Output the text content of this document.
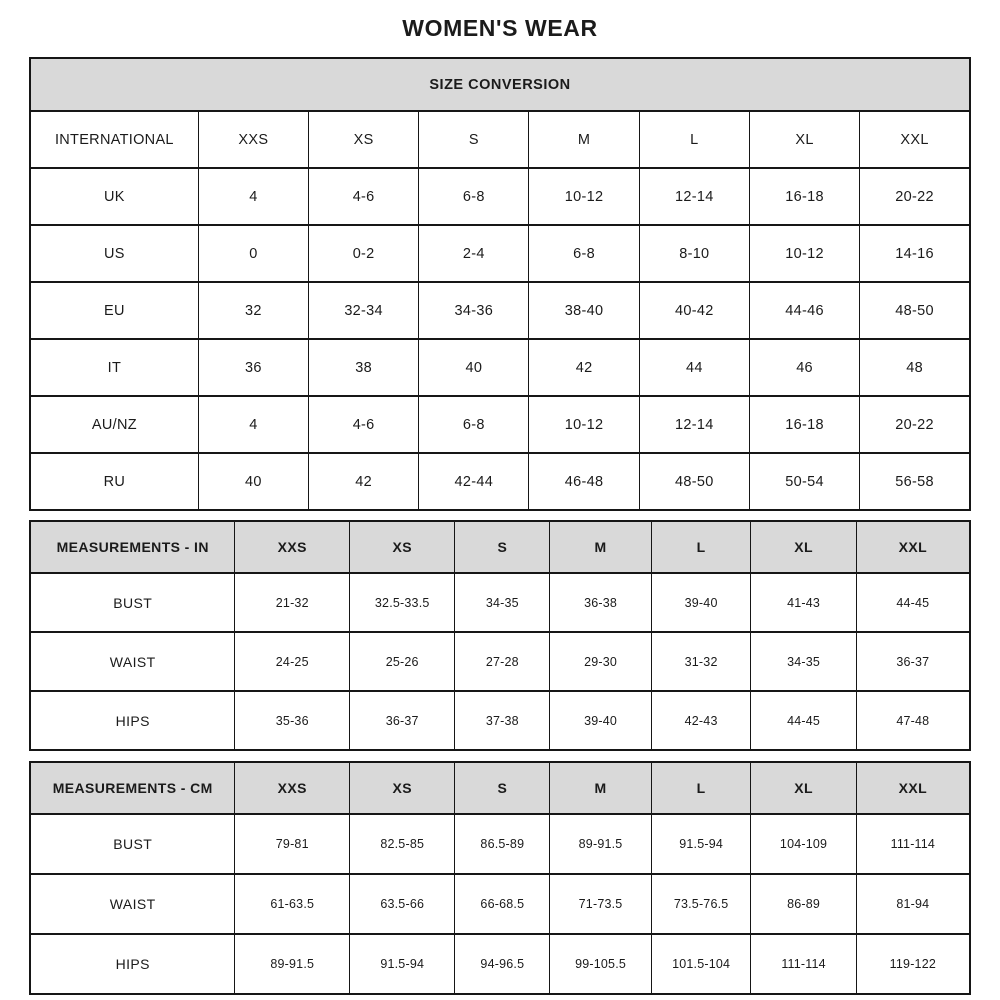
WOMEN'S WEAR
SIZE CONVERSION							
INTERNATIONAL	XXS	XS	S	M	L	XL	XXL
UK	4	4-6	6-8	10-12	12-14	16-18	20-22
US	0	0-2	2-4	6-8	8-10	10-12	14-16
EU	32	32-34	34-36	38-40	40-42	44-46	48-50
IT	36	38	40	42	44	46	48
AU/NZ	4	4-6	6-8	10-12	12-14	16-18	20-22
RU	40	42	42-44	46-48	48-50	50-54	56-58
MEASUREMENTS - IN	XXS	XS	S	M	L	XL	XXL
BUST	21-32	32.5-33.5	34-35	36-38	39-40	41-43	44-45
WAIST	24-25	25-26	27-28	29-30	31-32	34-35	36-37
HIPS	35-36	36-37	37-38	39-40	42-43	44-45	47-48
MEASUREMENTS - CM	XXS	XS	S	M	L	XL	XXL
BUST	79-81	82.5-85	86.5-89	89-91.5	91.5-94	104-109	111-114
WAIST	61-63.5	63.5-66	66-68.5	71-73.5	73.5-76.5	86-89	81-94
HIPS	89-91.5	91.5-94	94-96.5	99-105.5	101.5-104	111-114	119-122
